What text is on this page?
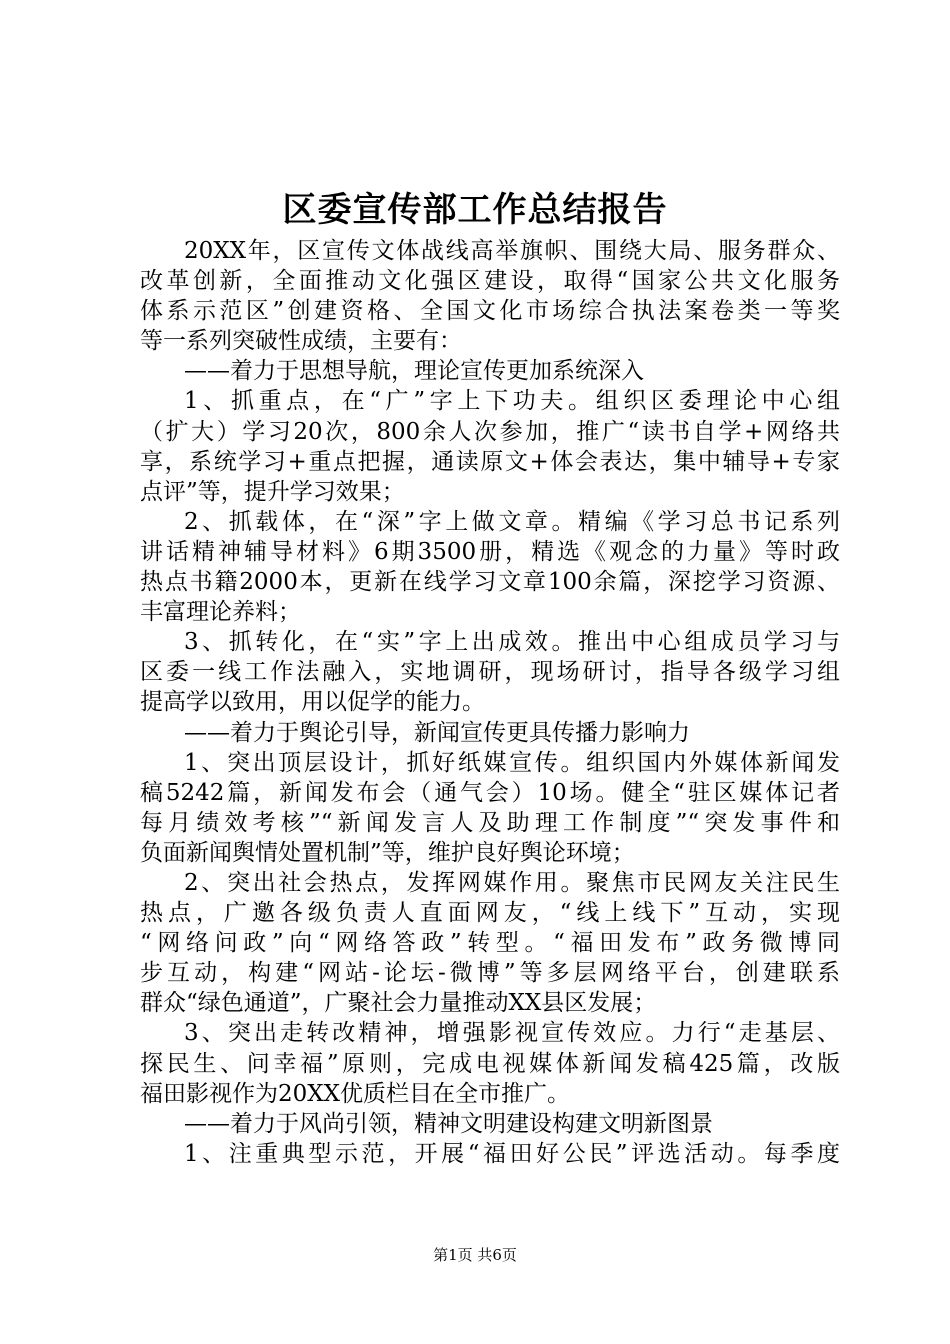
区委宣传部工作总结报告
20XX年，区宣传文体战线高举旗帜、围绕大局、服务群众、
改革创新，全面推动文化强区建设，取得“国家公共文化服务
体系示范区”创建资格、全国文化市场综合执法案卷类一等奖
等一系列突破性成绩，主要有：
——着力于思想导航，理论宣传更加系统深入
1、抓重点，在“广”字上下功夫。组织区委理论中心组
（扩大）学习20次，800余人次参加，推广“读书自学+网络共
享，系统学习+重点把握，通读原文+体会表达，集中辅导+专家
点评”等，提升学习效果；
2、抓载体，在“深”字上做文章。精编《学习总书记系列
讲话精神辅导材料》6期3500册，精选《观念的力量》等时政
热点书籍2000本，更新在线学习文章100余篇，深挖学习资源、
丰富理论养料；
3、抓转化，在“实”字上出成效。推出中心组成员学习与
区委一线工作法融入，实地调研，现场研讨，指导各级学习组
提高学以致用，用以促学的能力。
——着力于舆论引导，新闻宣传更具传播力影响力
1、突出顶层设计，抓好纸媒宣传。组织国内外媒体新闻发
稿5242篇，新闻发布会（通气会）10场。健全“驻区媒体记者
每月绩效考核”“新闻发言人及助理工作制度”“突发事件和
负面新闻舆情处置机制”等，维护良好舆论环境；
2、突出社会热点，发挥网媒作用。聚焦市民网友关注民生
热点，广邀各级负责人直面网友，“线上线下”互动，实现
“网络问政”向“网络答政”转型。“福田发布”政务微博同
步互动，构建“网站-论坛-微博”等多层网络平台，创建联系
群众“绿色通道”，广聚社会力量推动XX县区发展；
3、突出走转改精神，增强影视宣传效应。力行“走基层、
探民生、问幸福”原则，完成电视媒体新闻发稿425篇，改版
福田影视作为20XX优质栏目在全市推广。
——着力于风尚引领，精神文明建设构建文明新图景
1、注重典型示范，开展“福田好公民”评选活动。每季度
第1页 共6页
